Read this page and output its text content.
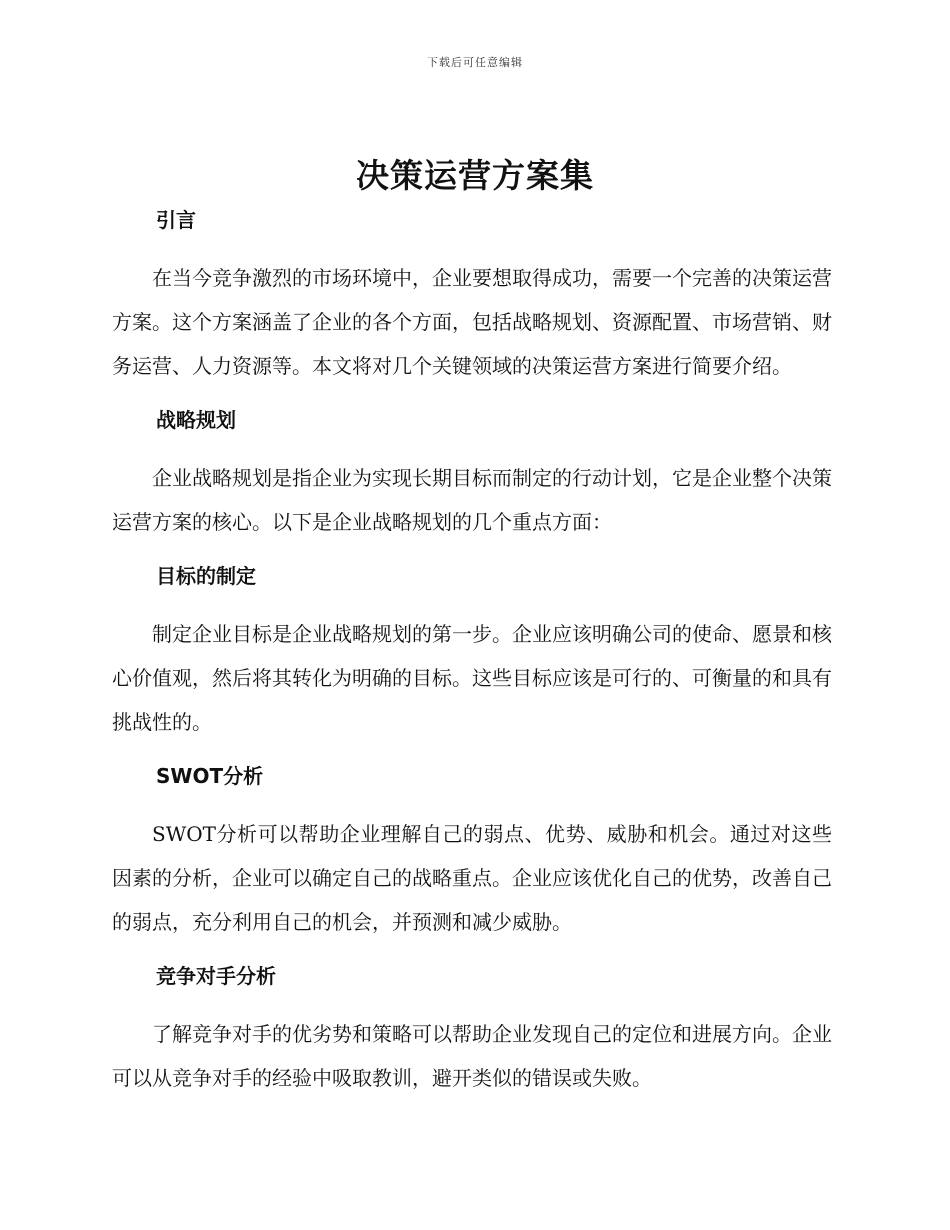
下载后可任意编辑
决策运营方案集
引言

在当今竞争激烈的市场环境中，企业要想取得成功，需要一个完善的决策运营方案。这个方案涵盖了企业的各个方面，包括战略规划、资源配置、市场营销、财务运营、人力资源等。本文将对几个关键领域的决策运营方案进行简要介绍。

战略规划

企业战略规划是指企业为实现长期目标而制定的行动计划，它是企业整个决策运营方案的核心。以下是企业战略规划的几个重点方面：

目标的制定

制定企业目标是企业战略规划的第一步。企业应该明确公司的使命、愿景和核心价值观，然后将其转化为明确的目标。这些目标应该是可行的、可衡量的和具有挑战性的。

SWOT分析

SWOT分析可以帮助企业理解自己的弱点、优势、威胁和机会。通过对这些因素的分析，企业可以确定自己的战略重点。企业应该优化自己的优势，改善自己的弱点，充分利用自己的机会，并预测和减少威胁。

竞争对手分析

了解竞争对手的优劣势和策略可以帮助企业发现自己的定位和进展方向。企业可以从竞争对手的经验中吸取教训，避开类似的错误或失败。
